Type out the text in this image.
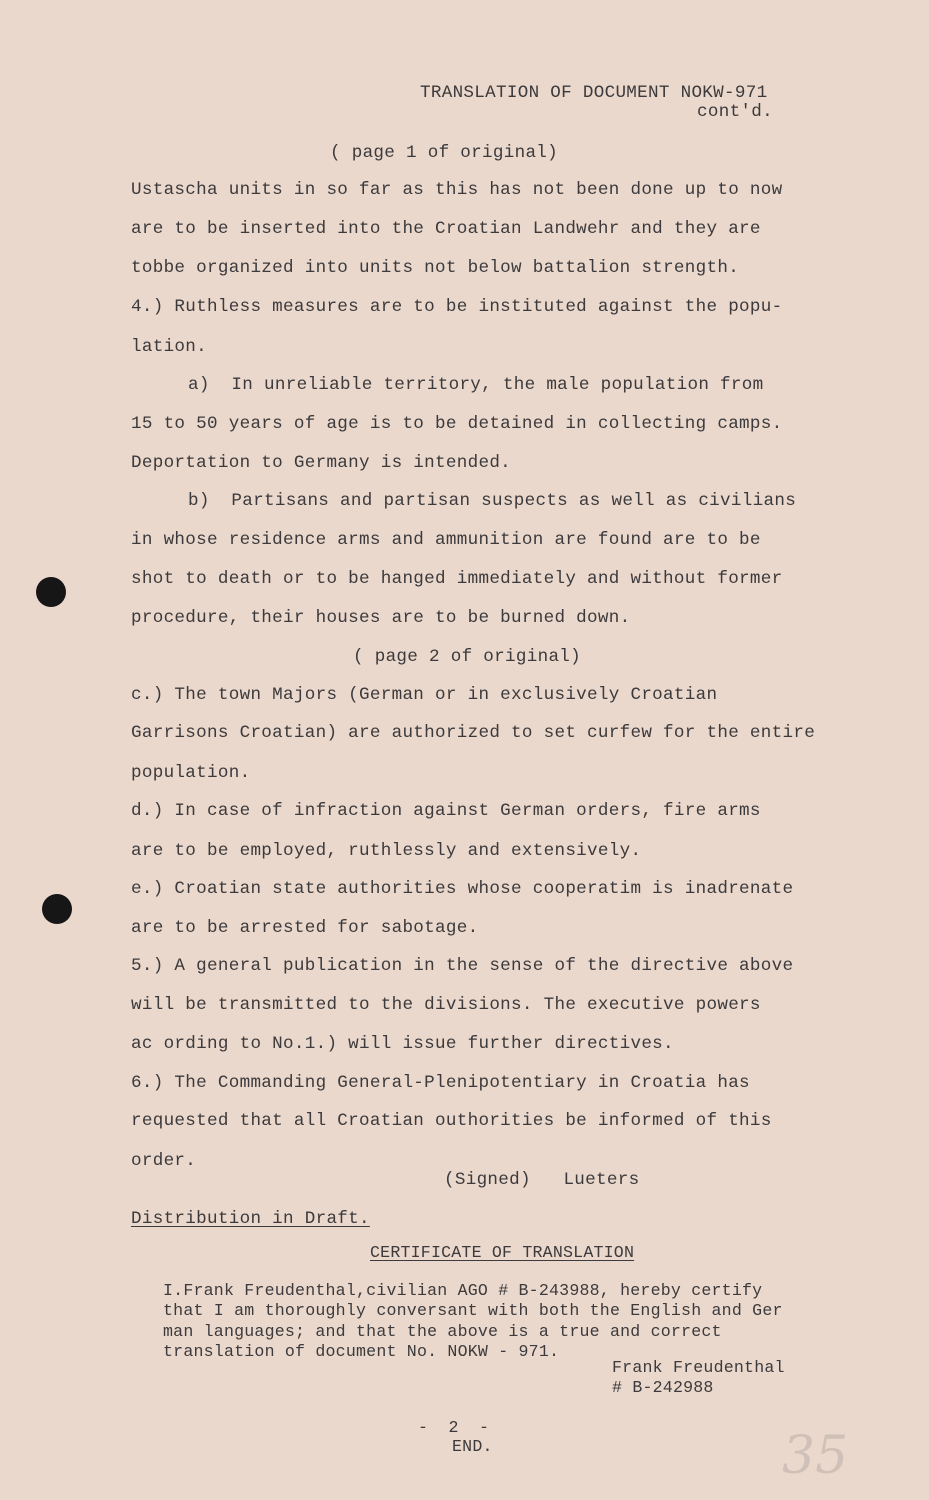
TRANSLATION OF DOCUMENT NOKW-971
cont'd.
( page 1 of original)
Ustascha units in so far as this has not been done up to now
are to be inserted into the Croatian Landwehr and they are
tobbe organized into units not below battalion strength.
4.) Ruthless measures are to be instituted against the popu-
lation.
a)  In unreliable territory, the male population from
15 to 50 years of age is to be detained in collecting camps.
Deportation to Germany is intended.
b)  Partisans and partisan suspects as well as civilians
in whose residence arms and ammunition are found are to be
shot to death or to be hanged immediately and without former
procedure, their houses are to be burned down.
( page 2 of original)
c.) The town Majors (German or in exclusively Croatian
Garrisons Croatian) are authorized to set curfew for the entire
population.
d.) In case of infraction against German orders, fire arms
are to be employed, ruthlessly and extensively.
e.) Croatian state authorities whose cooperatim is inadrenate
are to be arrested for sabotage.
5.) A general publication in the sense of the directive above
will be transmitted to the divisions. The executive powers
ac ording to No.1.) will issue further directives.
6.) The Commanding General-Plenipotentiary in Croatia has
requested that all Croatian outhorities be informed of this
order.
(Signed)   Lueters
Distribution in Draft.
CERTIFICATE OF TRANSLATION
I.Frank Freudenthal,civilian AGO # B-243988, hereby certify
that I am thoroughly conversant with both the English and Ger
man languages; and that the above is a true and correct
translation of document No. NOKW - 971.
Frank Freudenthal
# B-242988
-  2  -
END.	35
